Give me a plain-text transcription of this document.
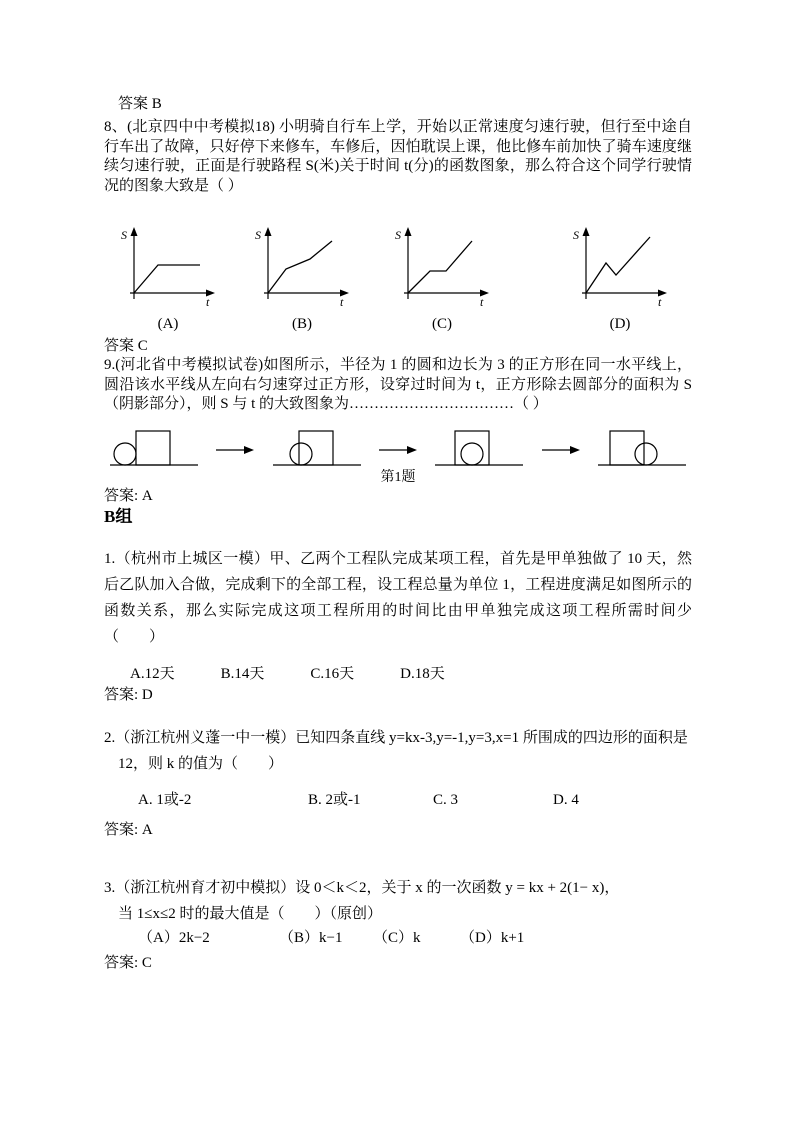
答案 B

8、(北京四中中考模拟18) 小明骑自行车上学，开始以正常速度匀速行驶，但行至中途自行车出了故障，只好停下来修车，车修后，因怕耽误上课，他比修车前加快了骑车速度继续匀速行驶，正面是行驶路程 S(米)关于时间 t(分)的函数图象，那么符合这个同学行驶情况的图象大致是（ ）

S
t
(A)
S
t
(B)
S
t
(C)
S
t
(D)

答案 C

9.(河北省中考模拟试卷)如图所示，半径为 1 的圆和边长为 3 的正方形在同一水平线上，圆沿该水平线从左向右匀速穿过正方形，设穿过时间为 t，正方形除去圆部分的面积为 S（阴影部分），则 S 与 t 的大致图象为……………………………（ ）

第1题

答案: A

B组

1.（杭州市上城区一模）甲、乙两个工程队完成某项工程，首先是甲单独做了 10 天，然后乙队加入合做，完成剩下的全部工程，设工程总量为单位 1，工程进度满足如图所示的函数关系，那么实际完成这项工程所用的时间比由甲单独完成这项工程所需时间少（　　）

A.12天	B.14天	C.16天	D.18天

答案: D

2.（浙江杭州义蓬一中一模）已知四条直线 y=kx-3,y=-1,y=3,x=1 所围成的四边形的面积是

12，则 k 的值为（　　）

A. 1或-2	B. 2或-1	C. 3	D. 4

答案: A

3.（浙江杭州育才初中模拟）设 0＜k＜2，关于 x 的一次函数 y = kx + 2(1− x)，

当 1≤x≤2 时的最大值是（　　）（原创）

（A）2k−2	（B）k−1	（C）k	（D）k+1

答案: C
